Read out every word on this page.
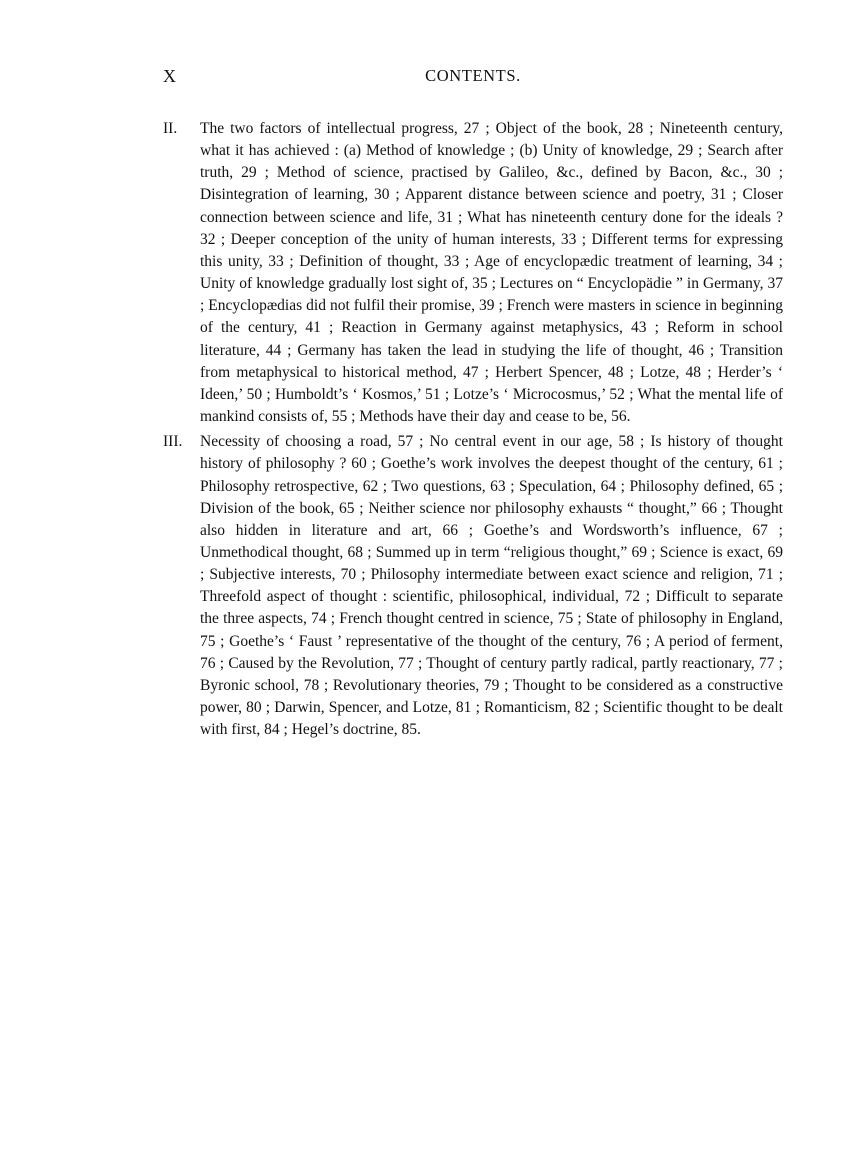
X	CONTENTS.
II. The two factors of intellectual progress, 27 ; Object of the book, 28 ; Nineteenth century, what it has achieved : (a) Method of knowledge ; (b) Unity of knowledge, 29 ; Search after truth, 29 ; Method of science, practised by Galileo, &c., defined by Bacon, &c., 30 ; Disintegration of learning, 30 ; Apparent distance between science and poetry, 31 ; Closer connection between science and life, 31 ; What has nineteenth century done for the ideals ? 32 ; Deeper conception of the unity of human interests, 33 ; Different terms for expressing this unity, 33 ; Definition of thought, 33 ; Age of encyclopædic treatment of learning, 34 ; Unity of knowledge gradually lost sight of, 35 ; Lectures on “ Encyclopädie ” in Germany, 37 ; Encyclopædias did not fulfil their promise, 39 ; French were masters in science in beginning of the century, 41 ; Reaction in Germany against metaphysics, 43 ; Reform in school literature, 44 ; Germany has taken the lead in studying the life of thought, 46 ; Transition from metaphysical to historical method, 47 ; Herbert Spencer, 48 ; Lotze, 48 ; Herder’s ‘ Ideen,’ 50 ; Humboldt’s ‘ Kosmos,’ 51 ; Lotze’s ‘ Microcosmus,’ 52 ; What the mental life of mankind consists of, 55 ; Methods have their day and cease to be, 56.
III. Necessity of choosing a road, 57 ; No central event in our age, 58 ; Is history of thought history of philosophy ? 60 ; Goethe’s work involves the deepest thought of the century, 61 ; Philosophy retrospective, 62 ; Two questions, 63 ; Speculation, 64 ; Philosophy defined, 65 ; Division of the book, 65 ; Neither science nor philosophy exhausts “ thought,” 66 ; Thought also hidden in literature and art, 66 ; Goethe’s and Wordsworth’s influence, 67 ; Unmethodical thought, 68 ; Summed up in term “religious thought,” 69 ; Science is exact, 69 ; Subjective interests, 70 ; Philosophy intermediate between exact science and religion, 71 ; Threefold aspect of thought : scientific, philosophical, individual, 72 ; Difficult to separate the three aspects, 74 ; French thought centred in science, 75 ; State of philosophy in England, 75 ; Goethe’s ‘ Faust ’ representative of the thought of the century, 76 ; A period of ferment, 76 ; Caused by the Revolution, 77 ; Thought of century partly radical, partly reactionary, 77 ; Byronic school, 78 ; Revolutionary theories, 79 ; Thought to be considered as a constructive power, 80 ; Darwin, Spencer, and Lotze, 81 ; Romanticism, 82 ; Scientific thought to be dealt with first, 84 ; Hegel’s doctrine, 85.
